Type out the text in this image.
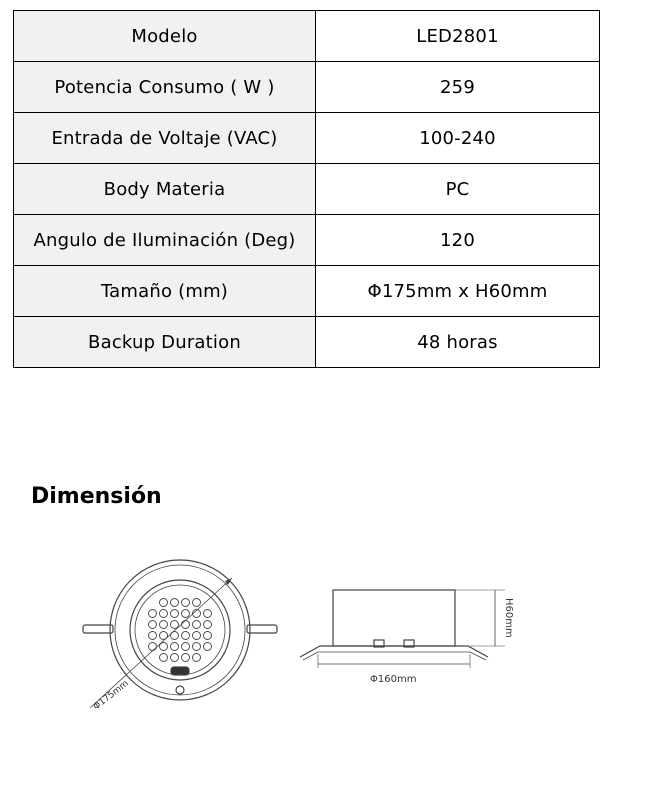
Modelo	LED2801
Potencia Consumo ( W )	259
Entrada de Voltaje (VAC)	100-240
Body Materia	PC
Angulo de Iluminación (Deg)	120
Tamaño (mm)	Φ175mm x H60mm
Backup Duration	48 horas
Dimensión
Φ175mm	Φ160mm
H60mm
